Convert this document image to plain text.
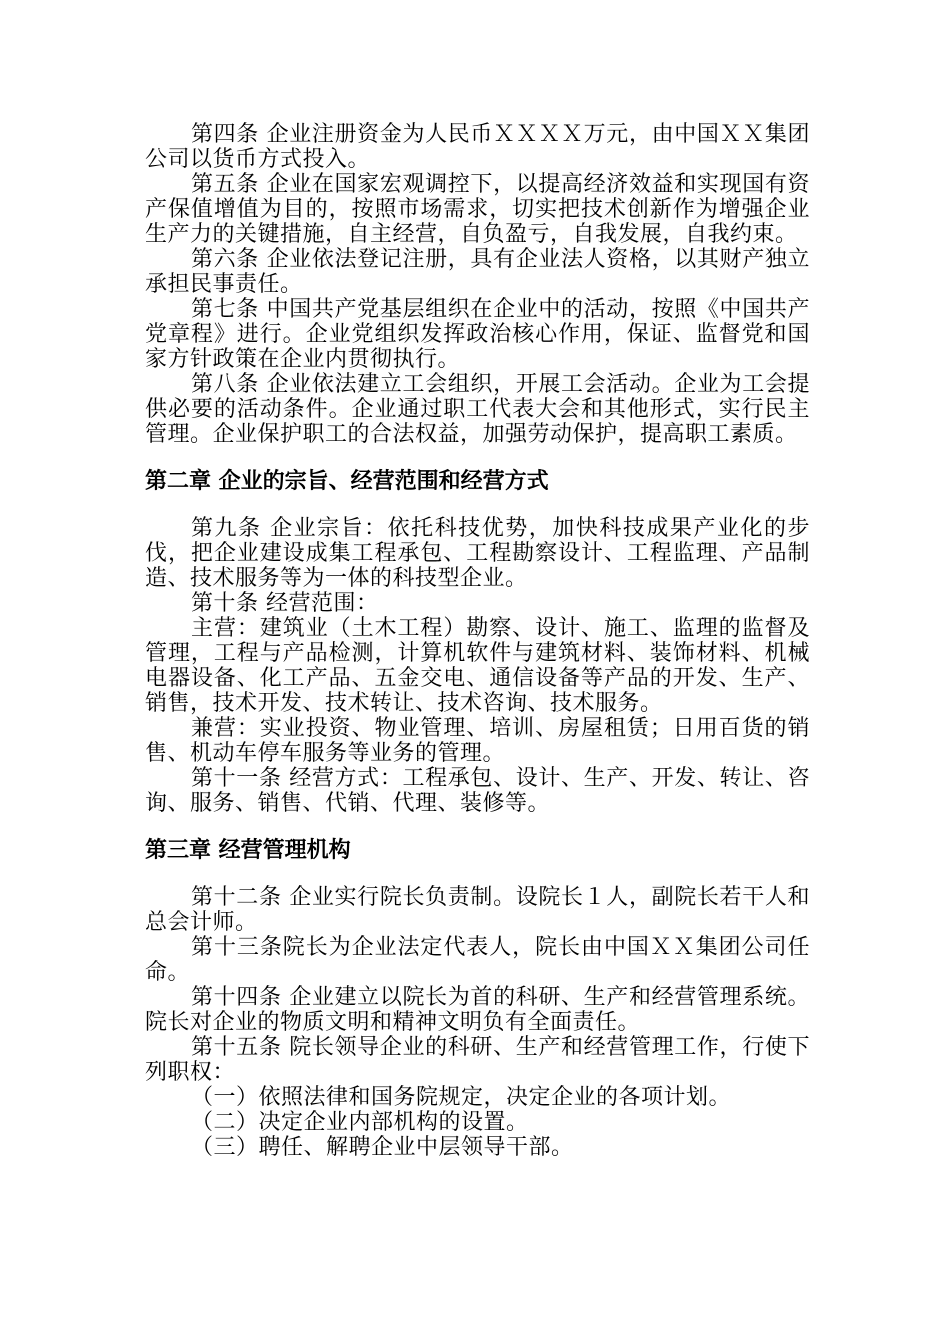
第四条 企业注册资金为人民币ＸＸＸＸ万元，由中国ＸＸ集团公司以货币方式投入。

第五条 企业在国家宏观调控下，以提高经济效益和实现国有资产保值增值为目的，按照市场需求，切实把技术创新作为增强企业生产力的关键措施，自主经营，自负盈亏，自我发展，自我约束。

第六条 企业依法登记注册，具有企业法人资格，以其财产独立承担民事责任。

第七条 中国共产党基层组织在企业中的活动，按照《中国共产党章程》进行。企业党组织发挥政治核心作用，保证、监督党和国家方针政策在企业内贯彻执行。

第八条 企业依法建立工会组织，开展工会活动。企业为工会提供必要的活动条件。企业通过职工代表大会和其他形式，实行民主管理。企业保护职工的合法权益，加强劳动保护，提高职工素质。

第二章 企业的宗旨、经营范围和经营方式

第九条 企业宗旨：依托科技优势，加快科技成果产业化的步伐，把企业建设成集工程承包、工程勘察设计、工程监理、产品制造、技术服务等为一体的科技型企业。

第十条 经营范围：

主营：建筑业（土木工程）勘察、设计、施工、监理的监督及管理，工程与产品检测，计算机软件与建筑材料、装饰材料、机械电器设备、化工产品、五金交电、通信设备等产品的开发、生产、销售，技术开发、技术转让、技术咨询、技术服务。

兼营：实业投资、物业管理、培训、房屋租赁；日用百货的销售、机动车停车服务等业务的管理。

第十一条 经营方式：工程承包、设计、生产、开发、转让、咨询、服务、销售、代销、代理、装修等。

第三章 经营管理机构

第十二条 企业实行院长负责制。设院长１人，副院长若干人和总会计师。

第十三条院长为企业法定代表人，院长由中国ＸＸ集团公司任命。

第十四条 企业建立以院长为首的科研、生产和经营管理系统。院长对企业的物质文明和精神文明负有全面责任。

第十五条 院长领导企业的科研、生产和经营管理工作，行使下列职权：

（一）依照法律和国务院规定，决定企业的各项计划。

（二）决定企业内部机构的设置。

（三）聘任、解聘企业中层领导干部。
